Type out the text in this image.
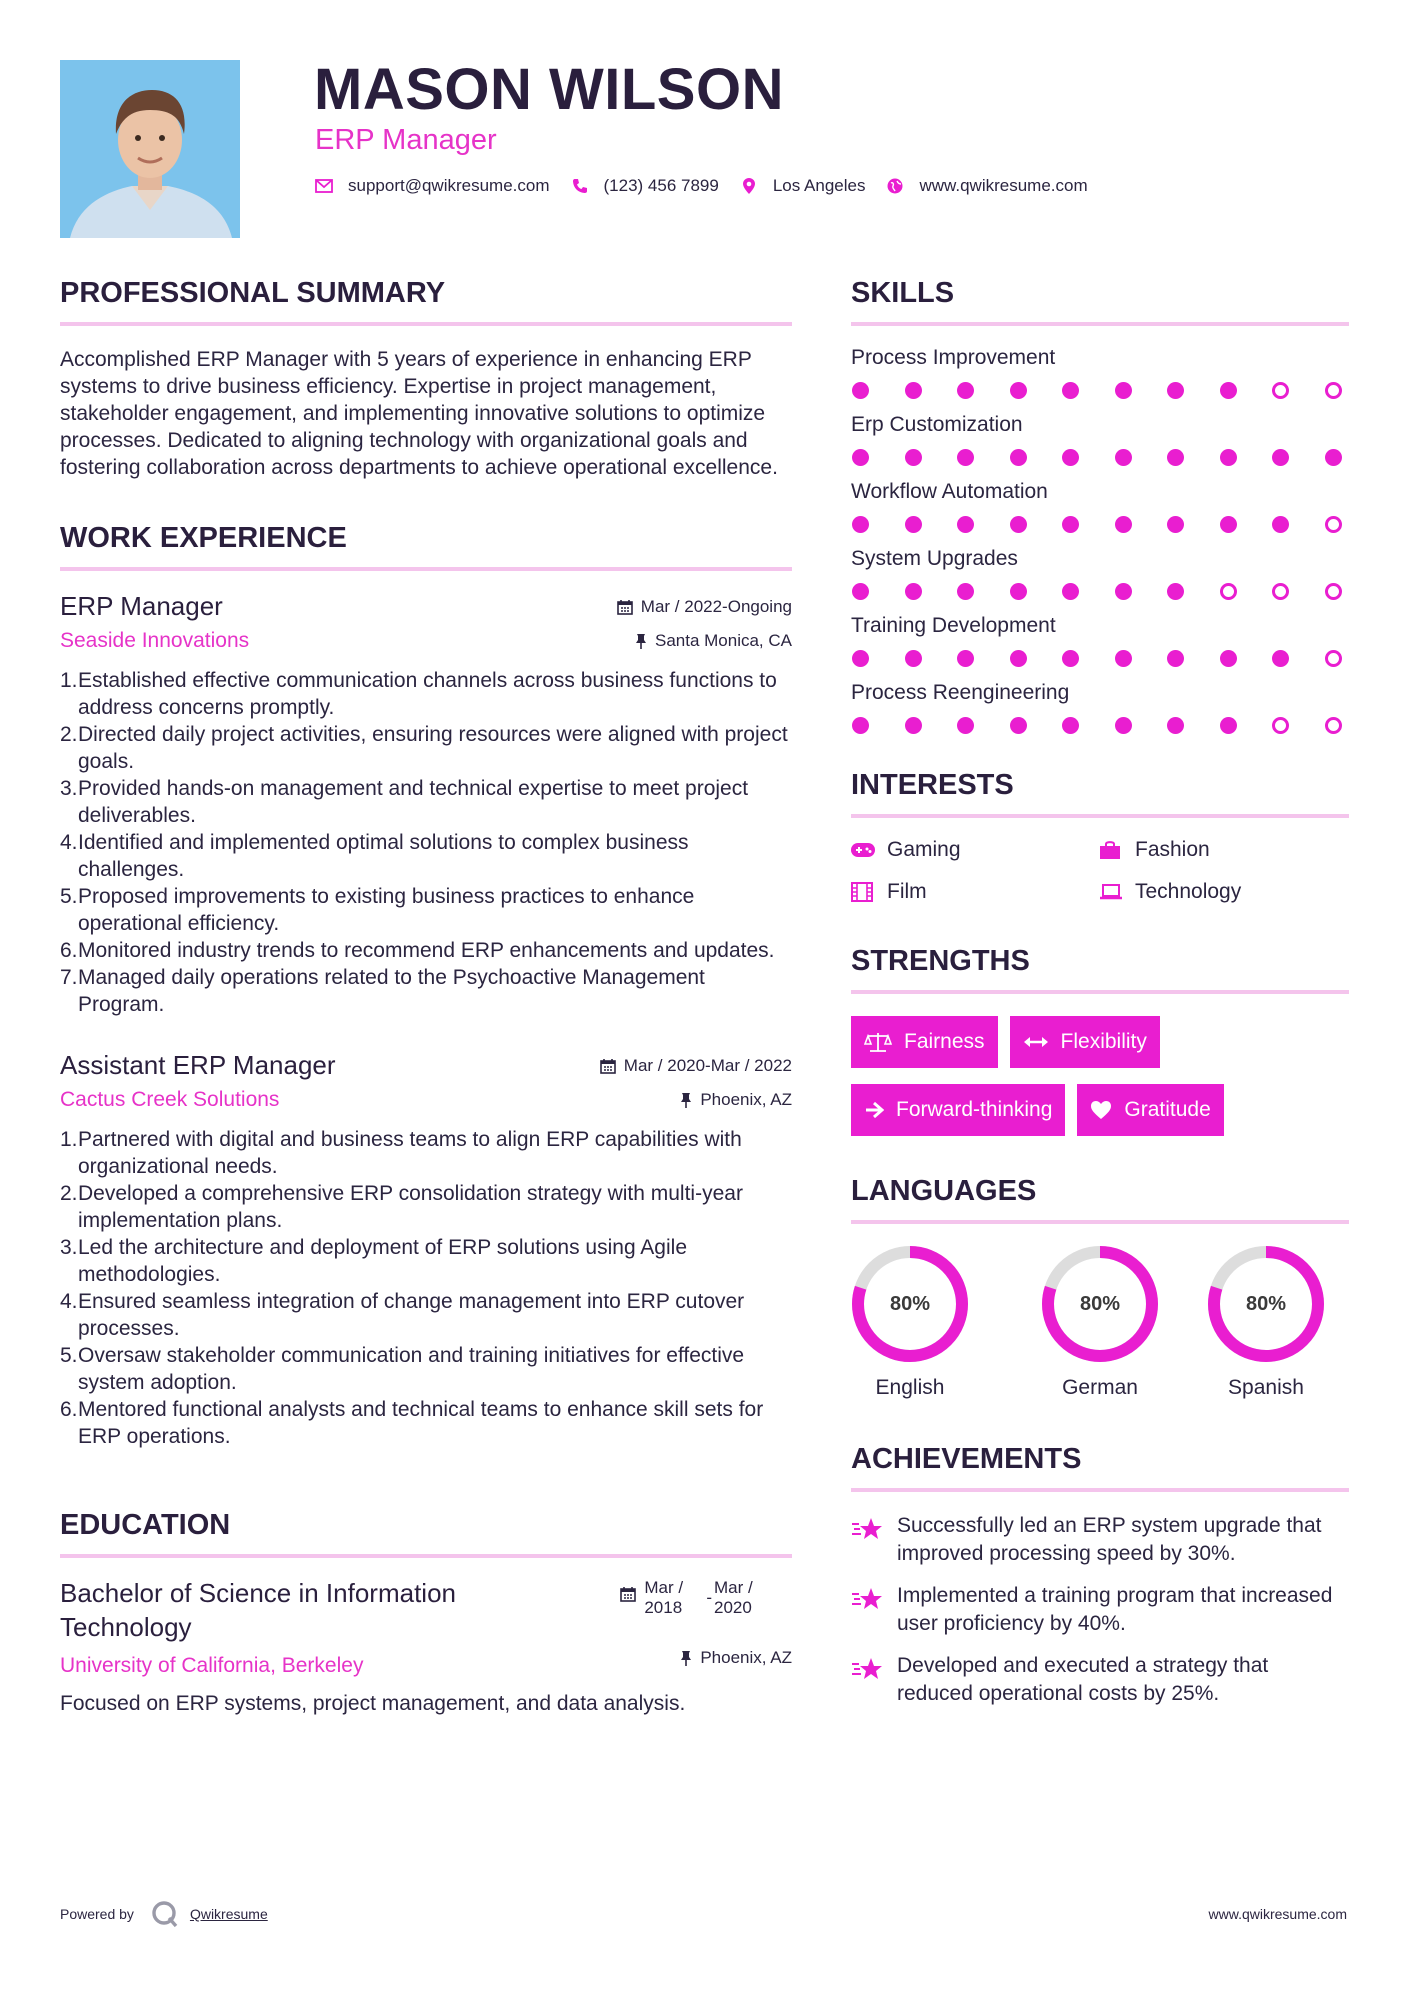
MASON WILSON
ERP Manager
support@qwikresume.com	(123) 456 7899	Los Angeles	www.qwikresume.com
PROFESSIONAL SUMMARY

Accomplished ERP Manager with 5 years of experience in enhancing ERP systems to drive business efficiency. Expertise in project management, stakeholder engagement, and implementing innovative solutions to optimize processes. Dedicated to aligning technology with organizational goals and fostering collaboration across departments to achieve operational excellence.

WORK EXPERIENCE
ERP Manager
Seaside Innovations
Mar / 2022-Ongoing
Santa Monica, CA
1. Established effective communication channels across business functions to address concerns promptly.
2. Directed daily project activities, ensuring resources were aligned with project goals.
3. Provided hands-on management and technical expertise to meet project deliverables.
4. Identified and implemented optimal solutions to complex business challenges.
5. Proposed improvements to existing business practices to enhance operational efficiency.
6. Monitored industry trends to recommend ERP enhancements and updates.
7. Managed daily operations related to the Psychoactive Management Program.
Assistant ERP Manager
Cactus Creek Solutions
Mar / 2020-Mar / 2022
Phoenix, AZ
1. Partnered with digital and business teams to align ERP capabilities with organizational needs.
2. Developed a comprehensive ERP consolidation strategy with multi-year implementation plans.
3. Led the architecture and deployment of ERP solutions using Agile methodologies.
4. Ensured seamless integration of change management into ERP cutover processes.
5. Oversaw stakeholder communication and training initiatives for effective system adoption.
6. Mentored functional analysts and technical teams to enhance skill sets for ERP operations.
EDUCATION
Bachelor of Science in Information Technology
University of California, Berkeley
Mar / 2018
-
Mar / 2020
Phoenix, AZ

Focused on ERP systems, project management, and data analysis.

SKILLS
Process Improvement
Erp Customization
Workflow Automation
System Upgrades
Training Development
Process Reengineering
INTERESTS
Gaming	Fashion
Film	Technology
STRENGTHS
Fairness	Flexibility
Forward-thinking	Gratitude
LANGUAGES
80%
English
80%
German
80%
Spanish
ACHIEVEMENTS
Successfully led an ERP system upgrade that improved processing speed by 30%.
Implemented a training program that increased user proficiency by 40%.
Developed and executed a strategy that reduced operational costs by 25%.
Powered by	Qwikresume	www.qwikresume.com
